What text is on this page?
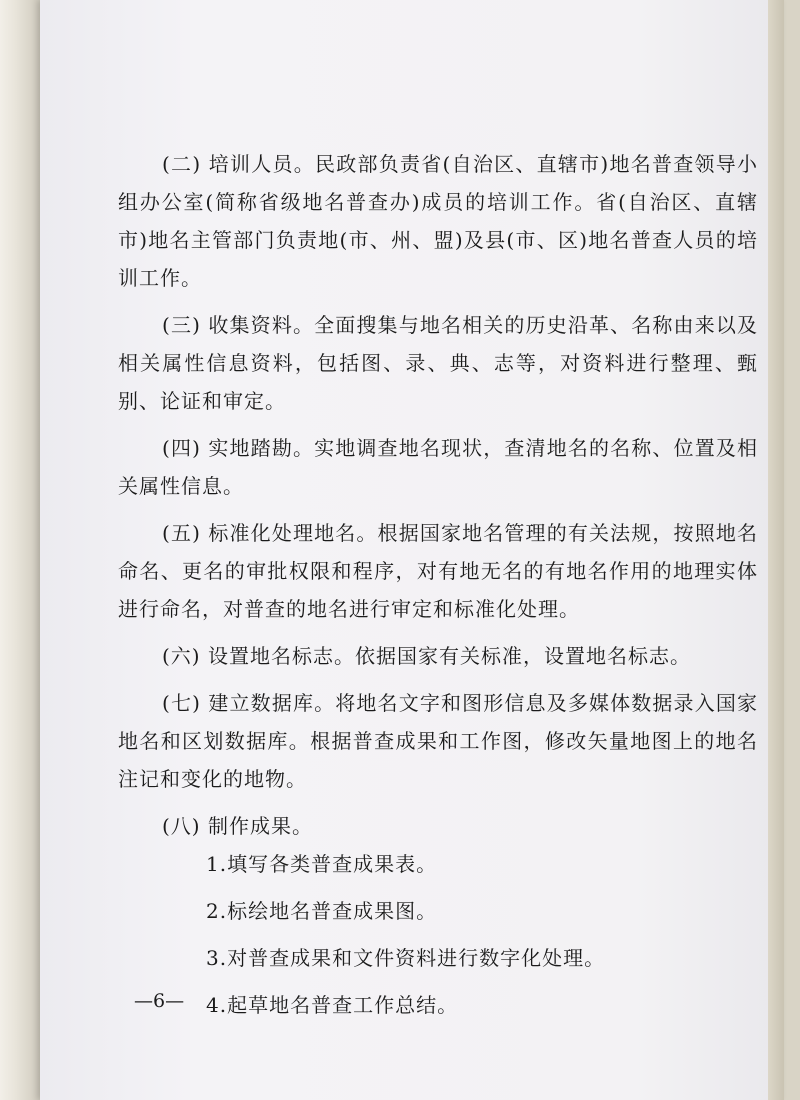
(二) 培训人员。民政部负责省(自治区、直辖市)地名普查领导小组办公室(简称省级地名普查办)成员的培训工作。省(自治区、直辖市)地名主管部门负责地(市、州、盟)及县(市、区)地名普查人员的培训工作。

(三) 收集资料。全面搜集与地名相关的历史沿革、名称由来以及相关属性信息资料，包括图、录、典、志等，对资料进行整理、甄别、论证和审定。

(四) 实地踏勘。实地调查地名现状，查清地名的名称、位置及相关属性信息。

(五) 标准化处理地名。根据国家地名管理的有关法规，按照地名命名、更名的审批权限和程序，对有地无名的有地名作用的地理实体进行命名，对普查的地名进行审定和标准化处理。

(六) 设置地名标志。依据国家有关标准，设置地名标志。

(七) 建立数据库。将地名文字和图形信息及多媒体数据录入国家地名和区划数据库。根据普查成果和工作图，修改矢量地图上的地名注记和变化的地物。

(八) 制作成果。

1.填写各类普查成果表。

2.标绘地名普查成果图。

3.对普查成果和文件资料进行数字化处理。

4.起草地名普查工作总结。

—6—
